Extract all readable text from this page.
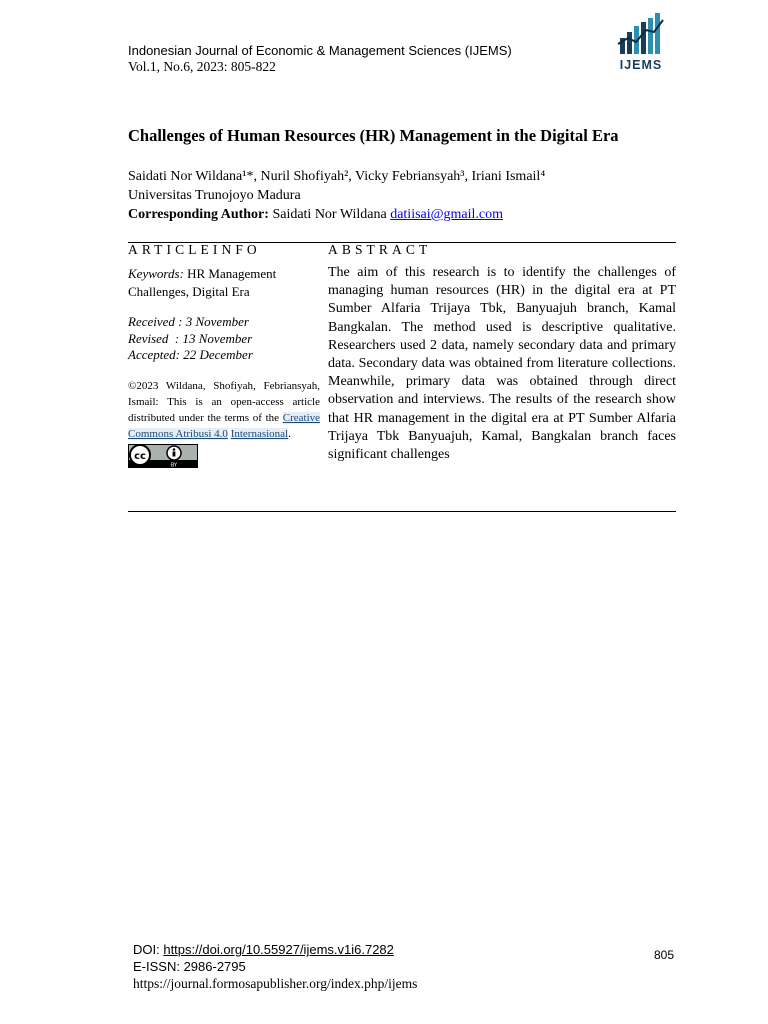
Indonesian Journal of Economic & Management Sciences (IJEMS)
Vol.1, No.6, 2023: 805-822	IJEMS
Challenges of Human Resources (HR) Management in the Digital Era
Saidati Nor Wildana¹*, Nuril Shofiyah², Vicky Febriansyah³, Iriani Ismail⁴
Universitas Trunojoyo Madura
Corresponding Author: Saidati Nor Wildana datiisai@gmail.com
ARTICLEINFO	ABSTRACT
Keywords: HR Management Challenges, Digital Era
Received : 3 November
Revised  : 13 November
Accepted: 22 December
©2023 Wildana, Shofiyah, Febriansyah, Ismail: This is an open-access article distributed under the terms of the Creative Commons Atribusi 4.0 Internasional.
cc
BY
The aim of this research is to identify the challenges of managing human resources (HR) in the digital era at PT Sumber Alfaria Trijaya Tbk, Banyuajuh branch, Kamal Bangkalan. The method used is descriptive qualitative. Researchers used 2 data, namely secondary data and primary data. Secondary data was obtained from literature collections. Meanwhile, primary data was obtained through direct observation and interviews. The results of the research show that HR management in the digital era at PT Sumber Alfaria Trijaya Tbk Banyuajuh, Kamal, Bangkalan branch faces significant challenges
DOI: https://doi.org/10.55927/ijems.v1i6.7282
E-ISSN: 2986-2795
https://journal.formosapublisher.org/index.php/ijems
805
